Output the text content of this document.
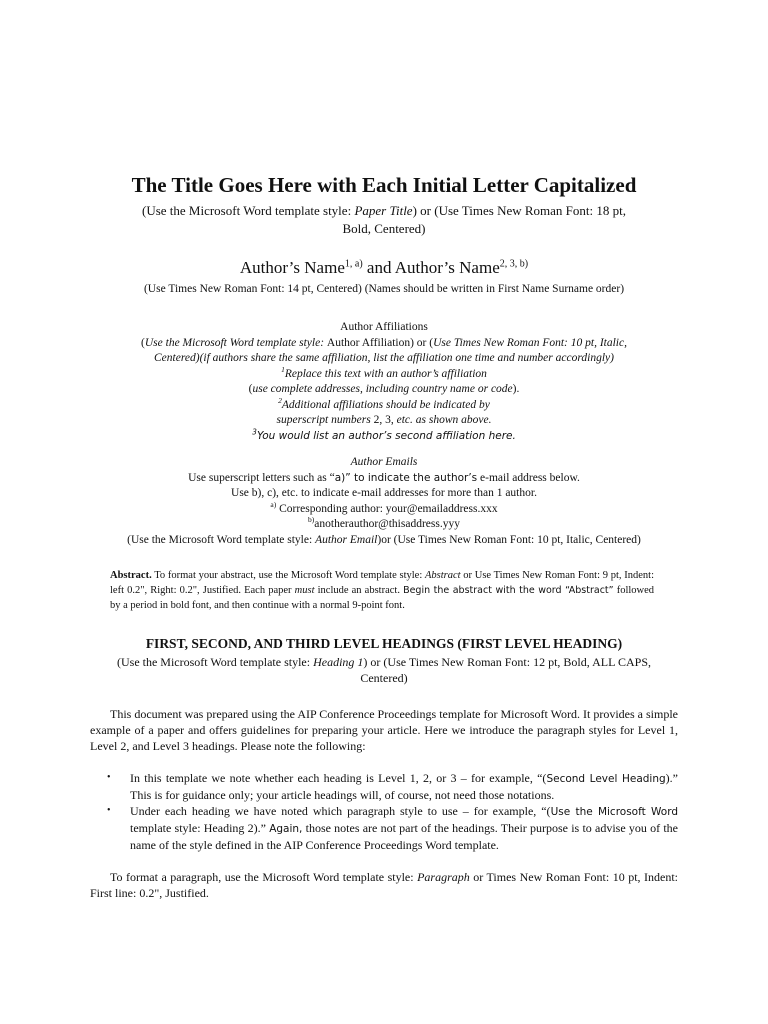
The Title Goes Here with Each Initial Letter Capitalized
(Use the Microsoft Word template style: Paper Title) or (Use Times New Roman Font: 18 pt, Bold, Centered)
Author’s Name$^{1, a)}$ and Author’s Name$^{2, 3, b)}$
(Use Times New Roman Font: 14 pt, Centered) (Names should be written in First Name Surname order)
Author Affiliations
(Use the Microsoft Word template style: Author Affiliation) or (Use Times New Roman Font: 10 pt, Italic,
Centered)(if authors share the same affiliation, list the affiliation one time and number accordingly)
$^1$Replace this text with an author’s affiliation
(use complete addresses, including country name or code).
$^2$Additional affiliations should be indicated by
superscript numbers 2, 3, etc. as shown above.
$^3$You would list an author’s second affiliation here.
Author Emails
Use superscript letters such as “a)” to indicate the author’s e-mail address below.
Use b), c), etc. to indicate e-mail addresses for more than 1 author.
$^{a)}$ Corresponding author: your@emailaddress.xxx
$^{b)}$anotherauthor@thisaddress.yyy
(Use the Microsoft Word template style: Author Email)or (Use Times New Roman Font: 10 pt, Italic, Centered)
Abstract. To format your abstract, use the Microsoft Word template style: Abstract or Use Times New Roman Font: 9 pt, Indent: left 0.2", Right: 0.2", Justified. Each paper must include an abstract. Begin the abstract with the word “Abstract” followed by a period in bold font, and then continue with a normal 9-point font.
FIRST, SECOND, AND THIRD LEVEL HEADINGS (FIRST LEVEL HEADING)
(Use the Microsoft Word template style: Heading 1) or (Use Times New Roman Font: 12 pt, Bold, ALL CAPS, Centered)
This document was prepared using the AIP Conference Proceedings template for Microsoft Word. It provides a simple example of a paper and offers guidelines for preparing your article. Here we introduce the paragraph styles for Level 1, Level 2, and Level 3 headings. Please note the following:
• In this template we note whether each heading is Level 1, 2, or 3 – for example, “(Second Level Heading).” This is for guidance only; your article headings will, of course, not need those notations.
• Under each heading we have noted which paragraph style to use – for example, “(Use the Microsoft Word template style: Heading 2).” Again, those notes are not part of the headings. Their purpose is to advise you of the name of the style defined in the AIP Conference Proceedings Word template.
To format a paragraph, use the Microsoft Word template style: Paragraph or Times New Roman Font: 10 pt, Indent: First line: 0.2", Justified.
